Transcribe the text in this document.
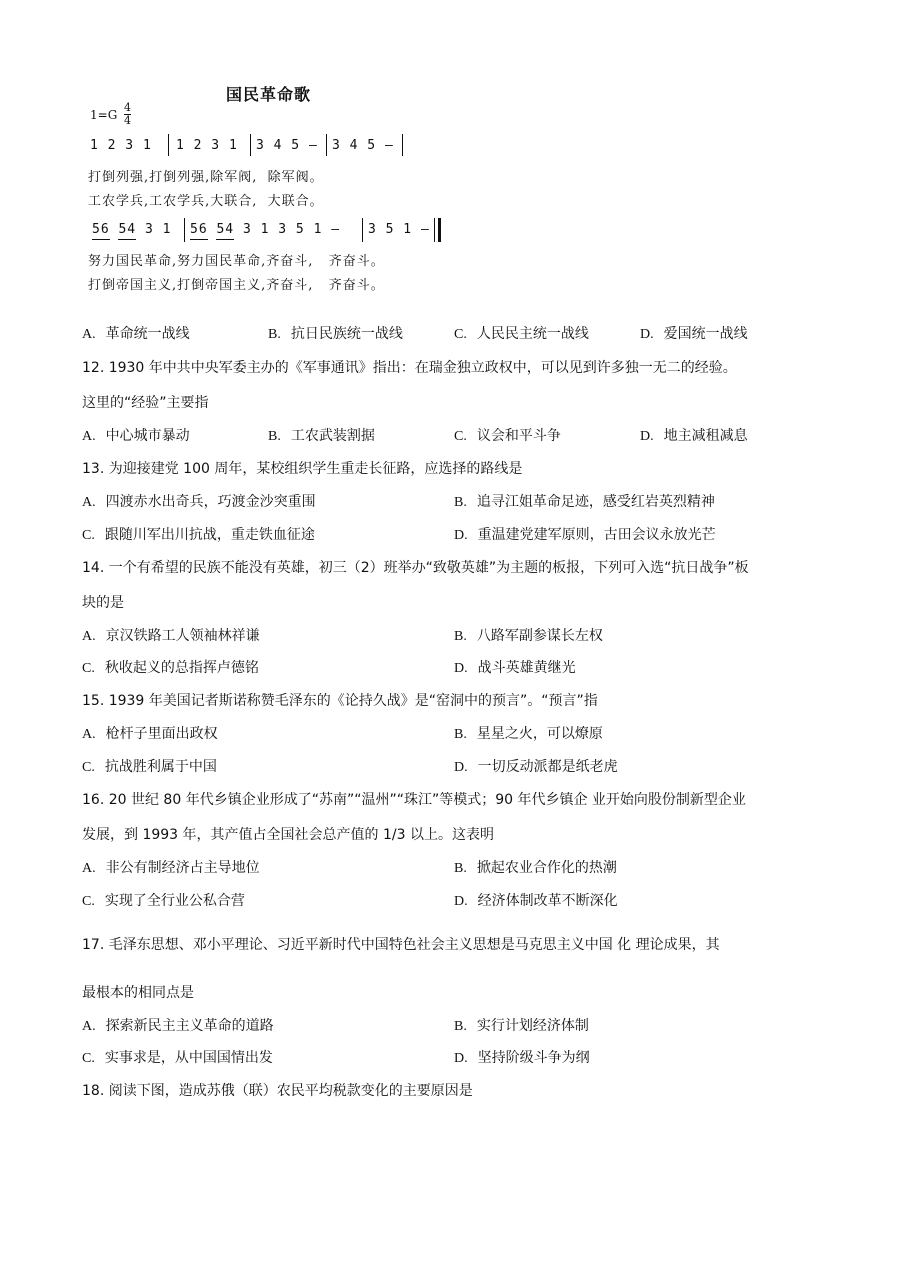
国民革命歌
$1=G \frac{4}{4}$
1 2 3 1 1 2 3 1 3 4 5 – 3 4 5 –
打倒列强,打倒列强,除军阀,  除军阀。
工农学兵,工农学兵,大联合,  大联合。
56 54 3 1 56 54 3 1 3 5 1 – 3 5 1 –
努力国民革命,努力国民革命,齐奋斗,   齐奋斗。
打倒帝国主义,打倒帝国主义,齐奋斗,   齐奋斗。
A. 革命统一战线	B. 抗日民族统一战线	C. 人民民主统一战线	D. 爱国统一战线
12. 1930 年中共中央军委主办的《军事通讯》指出：在瑞金独立政权中，可以见到许多独一无二的经验。
这里的“经验”主要指
A. 中心城市暴动	B. 工农武装割据	C. 议会和平斗争	D. 地主减租减息
13. 为迎接建党 100 周年，某校组织学生重走长征路，应选择的路线是
A. 四渡赤水出奇兵，巧渡金沙突重围	B. 追寻江姐革命足迹，感受红岩英烈精神
C. 跟随川军出川抗战，重走铁血征途	D. 重温建党建军原则，古田会议永放光芒
14. 一个有希望的民族不能没有英雄，初三（2）班举办“致敬英雄”为主题的板报，下列可入选“抗日战争”板
块的是
A. 京汉铁路工人领袖林祥谦	B. 八路军副参谋长左权
C. 秋收起义的总指挥卢德铭	D. 战斗英雄黄继光
15. 1939 年美国记者斯诺称赞毛泽东的《论持久战》是“窑洞中的预言”。“预言”指
A. 枪杆子里面出政权	B. 星星之火，可以燎原
C. 抗战胜利属于中国	D. 一切反动派都是纸老虎
16. 20 世纪 80 年代乡镇企业形成了“苏南”“温州”“珠江”等模式；90 年代乡镇企 业开始向股份制新型企业
发展，到 1993 年，其产值占全国社会总产值的 1/3 以上。这表明
A. 非公有制经济占主导地位	B. 掀起农业合作化的热潮
C. 实现了全行业公私合营	D. 经济体制改革不断深化
17. 毛泽东思想、邓小平理论、习近平新时代中国特色社会主义思想是马克思主义中国 化 理论成果，其
最根本的相同点是
A. 探索新民主主义革命的道路	B. 实行计划经济体制
C. 实事求是，从中国国情出发	D. 坚持阶级斗争为纲
18. 阅读下图，造成苏俄（联）农民平均税款变化的主要原因是
